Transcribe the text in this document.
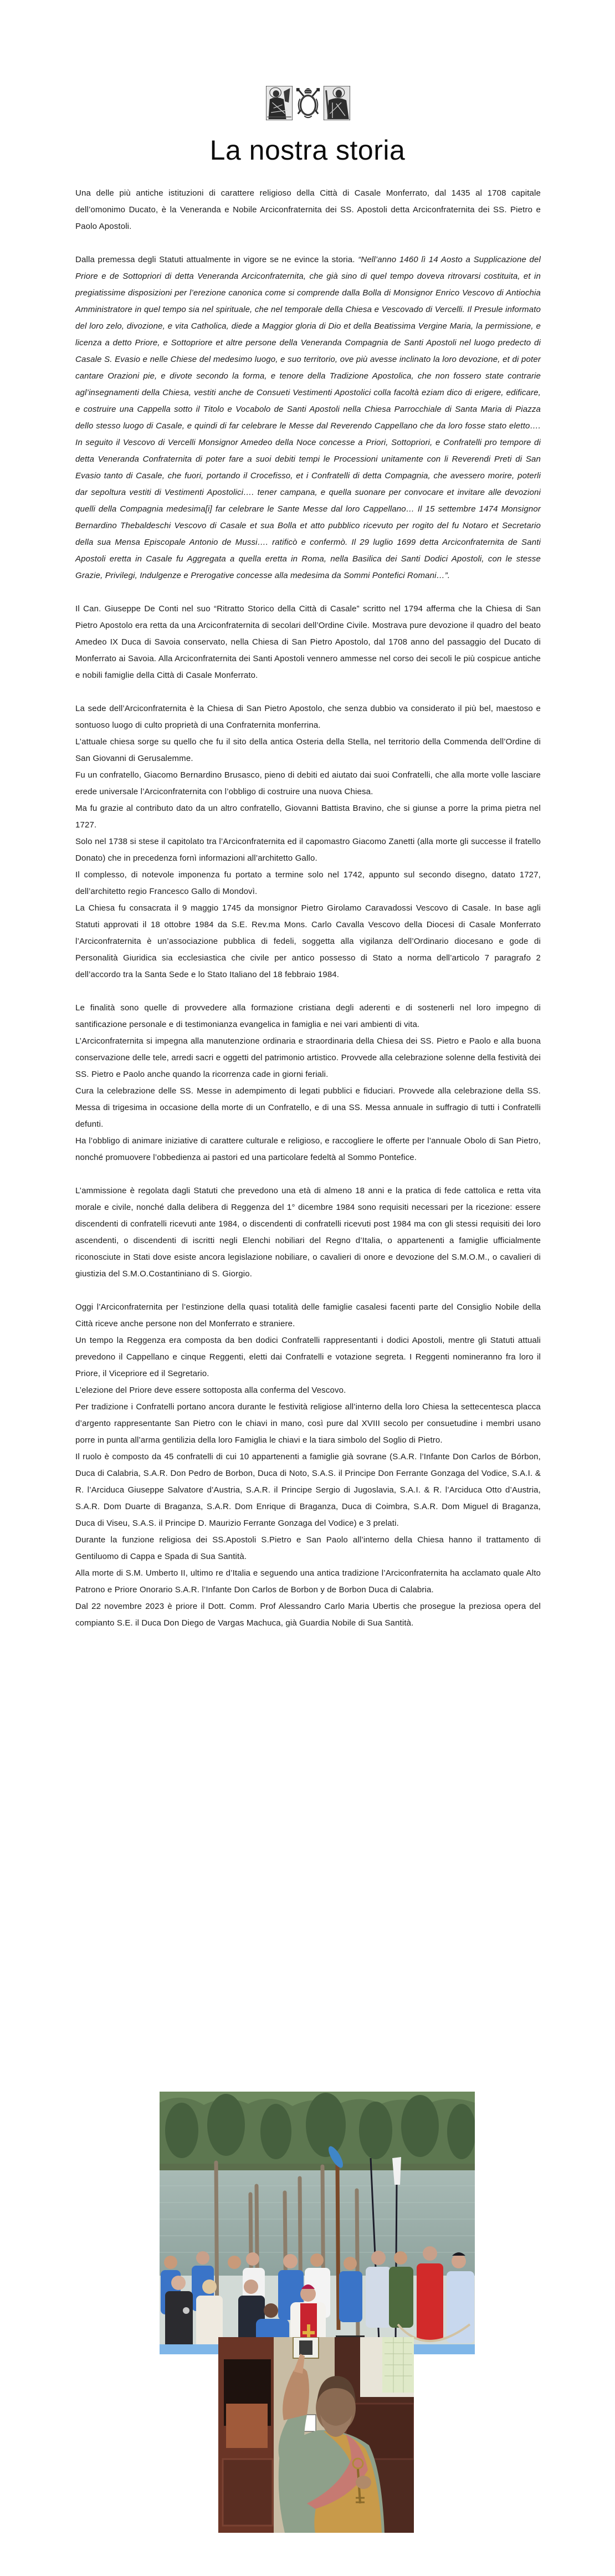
La nostra storia

Una delle più antiche istituzioni di carattere religioso della Città di Casale Monferrato, dal 1435 al 1708 capitale dell’omonimo Ducato, è la Veneranda e Nobile Arciconfraternita dei SS. Apostoli detta Arciconfraternita dei SS. Pietro e Paolo Apostoli.

Dalla premessa degli Statuti attualmente in vigore se ne evince la storia. “Nell’anno 1460 lì 14 Aosto a Supplicazione del Priore e de Sottopriori di detta Veneranda Arciconfraternita, che già sino di quel tempo doveva ritrovarsi costituita, et in pregiatissime disposizioni per l’erezione canonica come si comprende dalla Bolla di Monsignor Enrico Vescovo di Antiochia Amministratore in quel tempo sia nel spirituale, che nel temporale della Chiesa e Vescovado di Vercelli. Il Presule informato del loro zelo, divozione, e vita Catholica, diede a Maggior gloria di Dio et della Beatissima Vergine Maria, la permissione, e licenza a detto Priore, e Sottopriore et altre persone della Veneranda Compagnia de Santi Apostoli nel luogo predecto di Casale S. Evasio e nelle Chiese del medesimo luogo, e suo territorio, ove più avesse inclinato la loro devozione, et di poter cantare Orazioni pie, e divote secondo la forma, e tenore della Tradizione Apostolica, che non fossero state contrarie agl’insegnamenti della Chiesa, vestiti anche de Consueti Vestimenti Apostolici colla facoltà eziam dico di erigere, edificare, e costruire una Cappella sotto il Titolo e Vocabolo de Santi Apostoli nella Chiesa Parrocchiale di Santa Maria di Piazza dello stesso luogo di Casale, e quindi di far celebrare le Messe dal Reverendo Cappellano che da loro fosse stato eletto…. In seguito il Vescovo di Vercelli Monsignor Amedeo della Noce concesse a Priori, Sottopriori, e Confratelli pro tempore di detta Veneranda Confraternita di poter fare a suoi debiti tempi le Processioni unitamente con li Reverendi Preti di San Evasio tanto di Casale, che fuori, portando il Crocefisso, et i Confratelli di detta Compagnia, che avessero morire, poterli dar sepoltura vestiti di Vestimenti Apostolici…. tener campana, e quella suonare per convocare et invitare alle devozioni quelli della Compagnia medesima[i] far celebrare le Sante Messe dal loro Cappellano… Il 15 settembre 1474 Monsignor Bernardino Thebaldeschi Vescovo di Casale et sua Bolla et atto pubblico ricevuto per rogito del fu Notaro et Secretario della sua Mensa Episcopale Antonio de Mussi…. ratificò e confermò. Il 29 luglio 1699 detta Arciconfraternita de Santi Apostoli eretta in Casale fu Aggregata a quella eretta in Roma, nella Basilica dei Santi Dodici Apostoli, con le stesse Grazie, Privilegi, Indulgenze e Prerogative concesse alla medesima da Sommi Pontefici Romani…”.

Il Can. Giuseppe De Conti nel suo “Ritratto Storico della Città di Casale” scritto nel 1794 afferma che la Chiesa di San Pietro Apostolo era retta da una Arciconfraternita di secolari dell’Ordine Civile. Mostrava pure devozione il quadro del beato Amedeo IX Duca di Savoia conservato, nella Chiesa di San Pietro Apostolo, dal 1708 anno del passaggio del Ducato di Monferrato ai Savoia. Alla Arciconfraternita dei Santi Apostoli vennero ammesse nel corso dei secoli le più cospicue antiche e nobili famiglie della Città di Casale Monferrato.

La sede dell’Arciconfraternita è la Chiesa di San Pietro Apostolo, che senza dubbio va considerato il più bel, maestoso e sontuoso luogo di culto proprietà di una Confraternita monferrina.
L’attuale chiesa sorge su quello che fu il sito della antica Osteria della Stella, nel territorio della Commenda dell’Ordine di San Giovanni di Gerusalemme.
Fu un confratello, Giacomo Bernardino Brusasco, pieno di debiti ed aiutato dai suoi Confratelli, che alla morte volle lasciare erede universale l’Arciconfraternita con l’obbligo di costruire una nuova Chiesa.
Ma fu grazie al contributo dato da un altro confratello, Giovanni Battista Bravino, che si giunse a porre la prima pietra nel 1727.
Solo nel 1738 si stese il capitolato tra l’Arciconfraternita ed il capomastro Giacomo Zanetti (alla morte gli successe il fratello Donato) che in precedenza fornì informazioni all’architetto Gallo.
Il complesso, di notevole imponenza fu portato a termine solo nel 1742, appunto sul secondo disegno, datato 1727, dell’architetto regio Francesco Gallo di Mondovì.
La Chiesa fu consacrata il 9 maggio 1745 da monsignor Pietro Girolamo Caravadossi Vescovo di Casale. In base agli Statuti approvati il 18 ottobre 1984 da S.E. Rev.ma Mons. Carlo Cavalla Vescovo della Diocesi di Casale Monferrato l’Arciconfraternita è un’associazione pubblica di fedeli, soggetta alla vigilanza dell’Ordinario diocesano e gode di Personalità Giuridica sia ecclesiastica che civile per antico possesso di Stato a norma dell’articolo 7 paragrafo 2 dell’accordo tra la Santa Sede e lo Stato Italiano del 18 febbraio 1984.

Le finalità sono quelle di provvedere alla formazione cristiana degli aderenti e di sostenerli nel loro impegno di santificazione personale e di testimonianza evangelica in famiglia e nei vari ambienti di vita.
L’Arciconfraternita si impegna alla manutenzione ordinaria e straordinaria della Chiesa dei SS. Pietro e Paolo e alla buona conservazione delle tele, arredi sacri e oggetti del patrimonio artistico. Provvede alla celebrazione solenne della festività dei SS. Pietro e Paolo anche quando la ricorrenza cade in giorni feriali.
Cura la celebrazione delle SS. Messe in adempimento di legati pubblici e fiduciari. Provvede alla celebrazione della SS. Messa di trigesima in occasione della morte di un Confratello, e di una SS. Messa annuale in suffragio di tutti i Confratelli defunti.
Ha l’obbligo di animare iniziative di carattere culturale e religioso, e raccogliere le offerte per l’annuale Obolo di San Pietro, nonché promuovere l’obbedienza ai pastori ed una particolare fedeltà al Sommo Pontefice.

L’ammissione è regolata dagli Statuti che prevedono una età di almeno 18 anni e la pratica di fede cattolica e retta vita morale e civile, nonché dalla delibera di Reggenza del 1° dicembre 1984 sono requisiti necessari per la ricezione: essere discendenti di confratelli ricevuti ante 1984, o discendenti di confratelli ricevuti post 1984 ma con gli stessi requisiti dei loro ascendenti, o discendenti di iscritti negli Elenchi nobiliari del Regno d’Italia, o appartenenti a famiglie ufficialmente riconosciute in Stati dove esiste ancora legislazione nobiliare, o cavalieri di onore e devozione del S.M.O.M., o cavalieri di giustizia del S.M.O.Costantiniano di S. Giorgio.

Oggi l’Arciconfraternita per l’estinzione della quasi totalità delle famiglie casalesi facenti parte del Consiglio Nobile della Città riceve anche persone non del Monferrato e straniere.
Un tempo la Reggenza era composta da ben dodici Confratelli rappresentanti i dodici Apostoli, mentre gli Statuti attuali prevedono il Cappellano e cinque Reggenti, eletti dai Confratelli e votazione segreta. I Reggenti nomineranno fra loro il Priore, il Vicepriore ed il Segretario.
L’elezione del Priore deve essere sottoposta alla conferma del Vescovo.
Per tradizione i Confratelli portano ancora durante le festività religiose all’interno della loro Chiesa la settecentesca placca d’argento rappresentante San Pietro con le chiavi in mano, così pure dal XVIII secolo per consuetudine i membri usano porre in punta all’arma gentilizia della loro Famiglia le chiavi e la tiara simbolo del Soglio di Pietro.
Il ruolo è composto da 45 confratelli di cui 10 appartenenti a famiglie già sovrane (S.A.R. l’Infante Don Carlos de Bórbon, Duca di Calabria, S.A.R. Don Pedro de Borbon, Duca di Noto, S.A.S. il Principe Don Ferrante Gonzaga del Vodice, S.A.I. & R. l’Arciduca Giuseppe Salvatore d’Austria, S.A.R. il Principe Sergio di Jugoslavia, S.A.I. & R. l’Arciduca Otto d’Austria, S.A.R. Dom Duarte di Braganza, S.A.R. Dom Enrique di Braganza, Duca di Coimbra, S.A.R. Dom Miguel di Braganza, Duca di Viseu, S.A.S. il Principe D. Maurizio Ferrante Gonzaga del Vodice) e 3 prelati.
Durante la funzione religiosa dei SS.Apostoli S.Pietro e San Paolo all’interno della Chiesa hanno il trattamento di Gentiluomo di Cappa e Spada di Sua Santità.
Alla morte di S.M. Umberto II, ultimo re d’Italia e seguendo una antica tradizione l’Arciconfraternita ha acclamato quale Alto Patrono e Priore Onorario S.A.R. l’Infante Don Carlos de Borbon y de Borbon Duca di Calabria.
Dal 22 novembre 2023 è priore il Dott. Comm. Prof Alessandro Carlo Maria Ubertis che prosegue la preziosa opera del compianto S.E. il Duca Don Diego de Vargas Machuca, già Guardia Nobile di Sua Santità.
